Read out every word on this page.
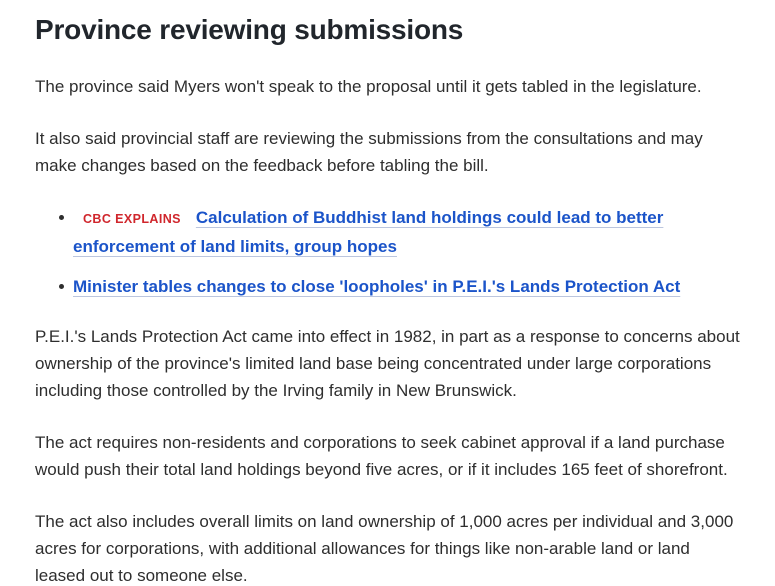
Province reviewing submissions

The province said Myers won't speak to the proposal until it gets tabled in the legislature.

It also said provincial staff are reviewing the submissions from the consultations and may make changes based on the feedback before tabling the bill.

CBC EXPLAINS Calculation of Buddhist land holdings could lead to better enforcement of land limits, group hopes
Minister tables changes to close 'loopholes' in P.E.I.'s Lands Protection Act

P.E.I.'s Lands Protection Act came into effect in 1982, in part as a response to concerns about ownership of the province's limited land base being concentrated under large corporations including those controlled by the Irving family in New Brunswick.

The act requires non-residents and corporations to seek cabinet approval if a land purchase would push their total land holdings beyond five acres, or if it includes 165 feet of shorefront.

The act also includes overall limits on land ownership of 1,000 acres per individual and 3,000 acres for corporations, with additional allowances for things like non-arable land or land leased out to someone else.
